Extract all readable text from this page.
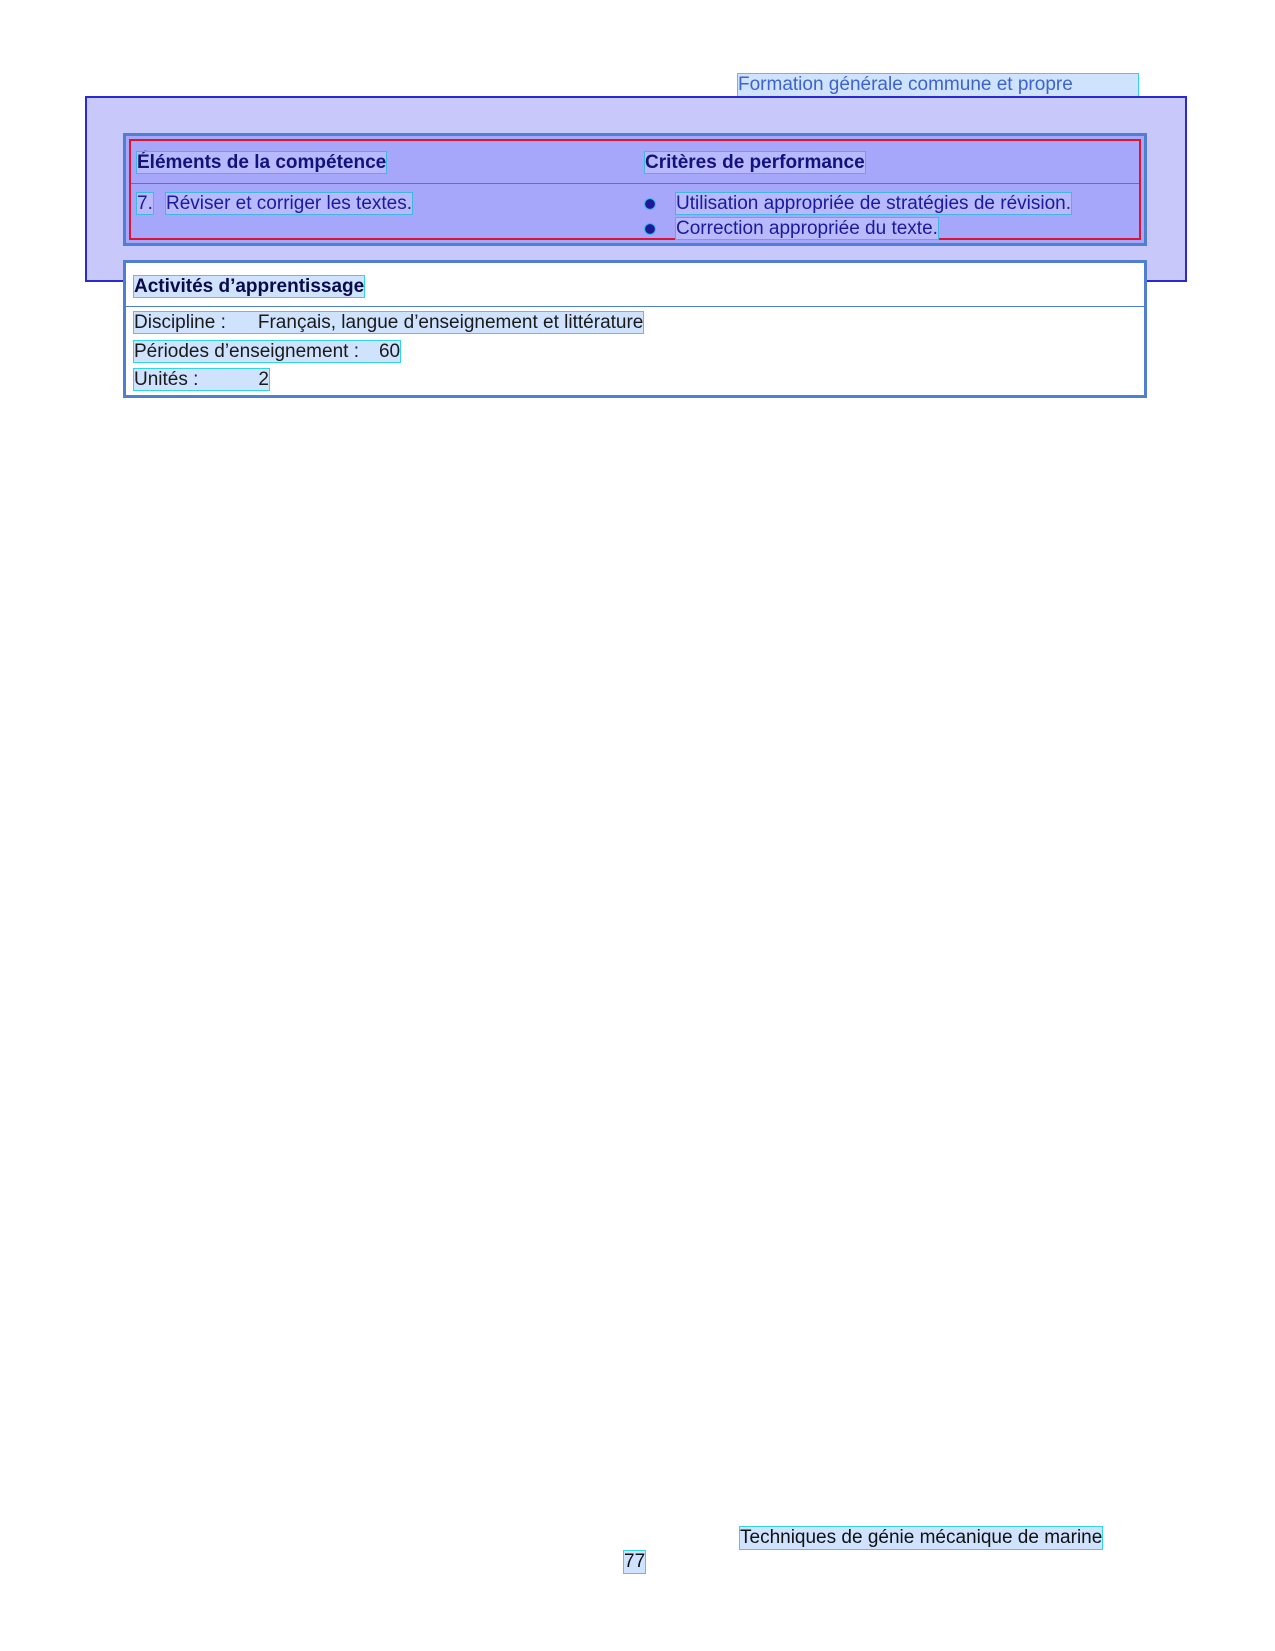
Formation générale commune et propre
Éléments de la compétence	Critères de performance
7. Réviser et corriger les textes.	Utilisation appropriée de stratégies de révision.
Correction appropriée du texte.
Activités d’apprentissage
Discipline : Français, langue d’enseignement et littérature
Périodes d’enseignement : 60
Unités :	2
Techniques de génie mécanique de marine
77
